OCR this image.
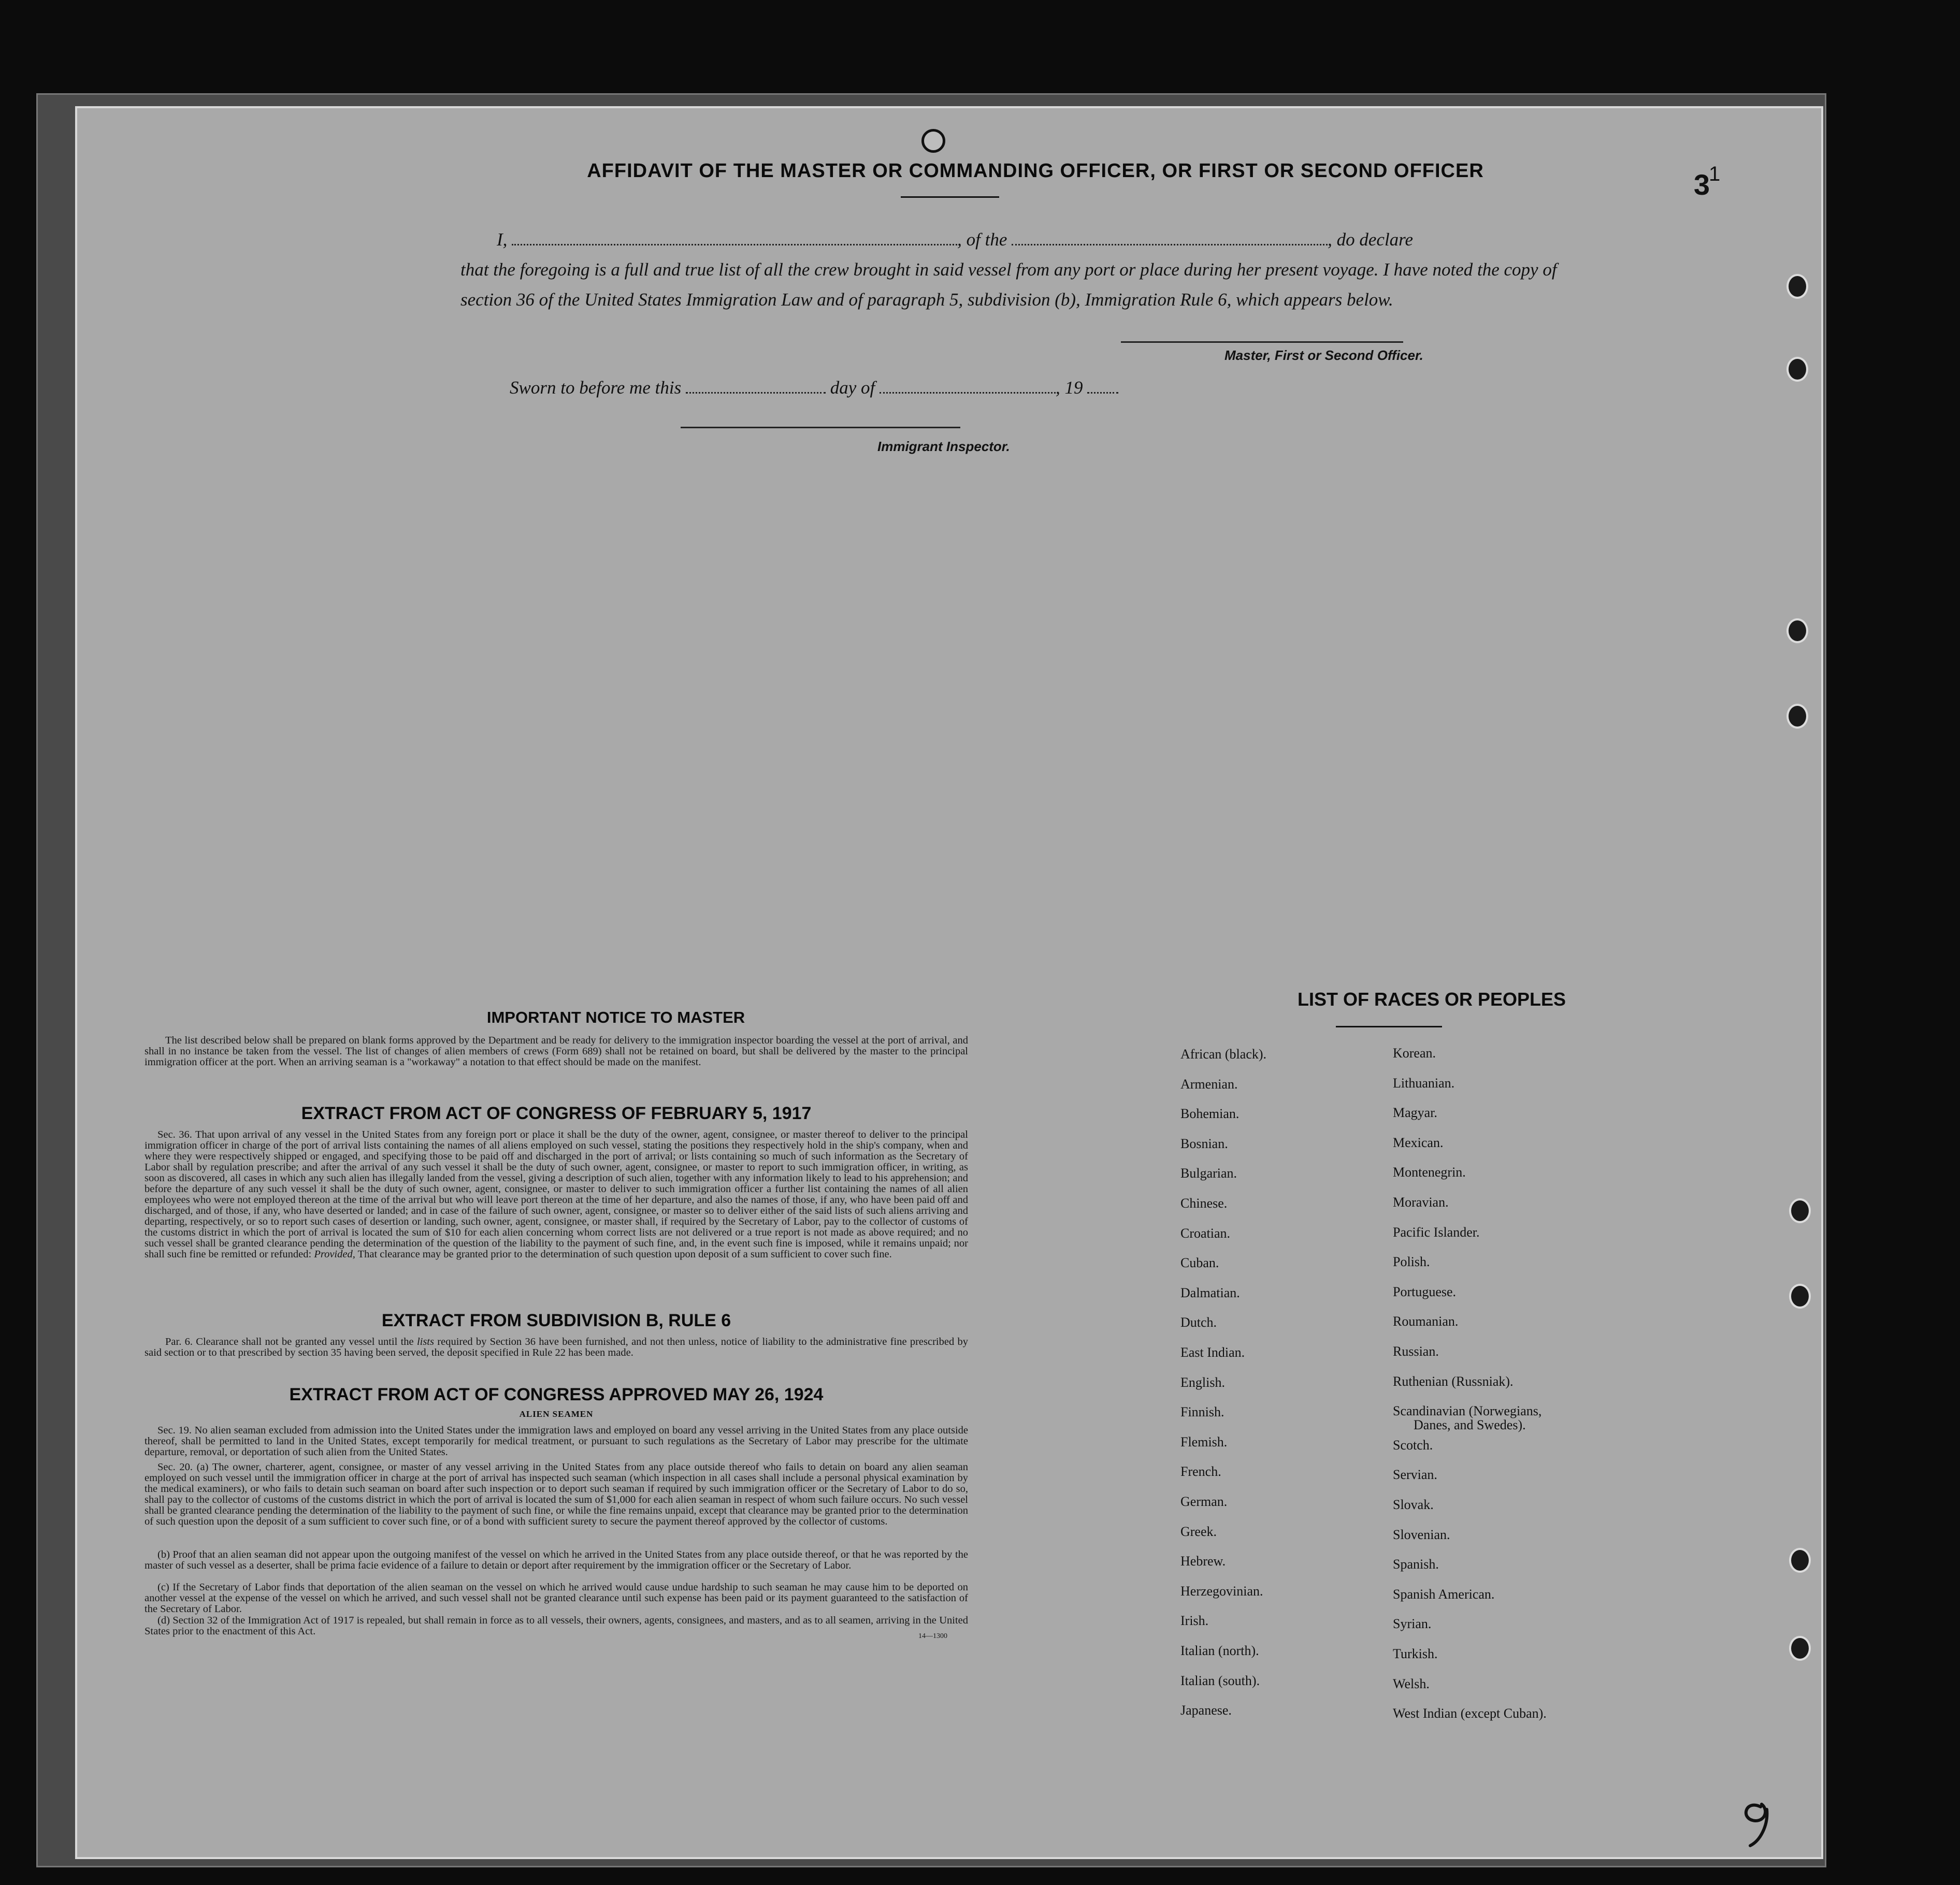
1
3
AFFIDAVIT OF THE MASTER OR COMMANDING OFFICER, OR FIRST OR SECOND OFFICER
I,	, of the	, do declare
that the foregoing is a full and true list of all the crew brought in said vessel from any port or place during her present voyage. I have noted the copy of section 36 of the United States Immigration Law and of paragraph 5, subdivision (b), Immigration Rule 6, which appears below.
Master, First or Second Officer.
Sworn to before me this	day of	, 19
Immigrant Inspector.
IMPORTANT NOTICE TO MASTER
The list described below shall be prepared on blank forms approved by the Department and be ready for delivery to the immigration inspector boarding the vessel at the port of arrival, and shall in no instance be taken from the vessel. The list of changes of alien members of crews (Form 689) shall not be retained on board, but shall be delivered by the master to the principal immigration officer at the port. When an arriving seaman is a "workaway" a notation to that effect should be made on the manifest.
EXTRACT FROM ACT OF CONGRESS OF FEBRUARY 5, 1917
Sec. 36. That upon arrival of any vessel in the United States from any foreign port or place it shall be the duty of the owner, agent, consignee, or master thereof to deliver to the principal immigration officer in charge of the port of arrival lists containing the names of all aliens employed on such vessel, stating the positions they respectively hold in the ship's company, when and where they were respectively shipped or engaged, and specifying those to be paid off and discharged in the port of arrival; or lists containing so much of such information as the Secretary of Labor shall by regulation prescribe; and after the arrival of any such vessel it shall be the duty of such owner, agent, consignee, or master to report to such immigration officer, in writing, as soon as discovered, all cases in which any such alien has illegally landed from the vessel, giving a description of such alien, together with any information likely to lead to his apprehension; and before the departure of any such vessel it shall be the duty of such owner, agent, consignee, or master to deliver to such immigration officer a further list containing the names of all alien employees who were not employed thereon at the time of the arrival but who will leave port thereon at the time of her departure, and also the names of those, if any, who have been paid off and discharged, and of those, if any, who have deserted or landed; and in case of the failure of such owner, agent, consignee, or master so to deliver either of the said lists of such aliens arriving and departing, respectively, or so to report such cases of desertion or landing, such owner, agent, consignee, or master shall, if required by the Secretary of Labor, pay to the collector of customs of the customs district in which the port of arrival is located the sum of $10 for each alien concerning whom correct lists are not delivered or a true report is not made as above required; and no such vessel shall be granted clearance pending the determination of the question of the liability to the payment of such fine, and, in the event such fine is imposed, while it remains unpaid; nor shall such fine be remitted or refunded: Provided, That clearance may be granted prior to the determination of such question upon deposit of a sum sufficient to cover such fine.
EXTRACT FROM SUBDIVISION B, RULE 6
Par. 6. Clearance shall not be granted any vessel until the lists required by Section 36 have been furnished, and not then unless, notice of liability to the administrative fine prescribed by said section or to that prescribed by section 35 having been served, the deposit specified in Rule 22 has been made.
EXTRACT FROM ACT OF CONGRESS APPROVED MAY 26, 1924
ALIEN SEAMEN
Sec. 19. No alien seaman excluded from admission into the United States under the immigration laws and employed on board any vessel arriving in the United States from any place outside thereof, shall be permitted to land in the United States, except temporarily for medical treatment, or pursuant to such regulations as the Secretary of Labor may prescribe for the ultimate departure, removal, or deportation of such alien from the United States.
Sec. 20. (a) The owner, charterer, agent, consignee, or master of any vessel arriving in the United States from any place outside thereof who fails to detain on board any alien seaman employed on such vessel until the immigration officer in charge at the port of arrival has inspected such seaman (which inspection in all cases shall include a personal physical examination by the medical examiners), or who fails to detain such seaman on board after such inspection or to deport such seaman if required by such immigration officer or the Secretary of Labor to do so, shall pay to the collector of customs of the customs district in which the port of arrival is located the sum of $1,000 for each alien seaman in respect of whom such failure occurs. No such vessel shall be granted clearance pending the determination of the liability to the payment of such fine, or while the fine remains unpaid, except that clearance may be granted prior to the determination of such question upon the deposit of a sum sufficient to cover such fine, or of a bond with sufficient surety to secure the payment thereof approved by the collector of customs.
(b) Proof that an alien seaman did not appear upon the outgoing manifest of the vessel on which he arrived in the United States from any place outside thereof, or that he was reported by the master of such vessel as a deserter, shall be prima facie evidence of a failure to detain or deport after requirement by the immigration officer or the Secretary of Labor.
(c) If the Secretary of Labor finds that deportation of the alien seaman on the vessel on which he arrived would cause undue hardship to such seaman he may cause him to be deported on another vessel at the expense of the vessel on which he arrived, and such vessel shall not be granted clearance until such expense has been paid or its payment guaranteed to the satisfaction of the Secretary of Labor.
(d) Section 32 of the Immigration Act of 1917 is repealed, but shall remain in force as to all vessels, their owners, agents, consignees, and masters, and as to all seamen, arriving in the United States prior to the enactment of this Act.	14—1300
LIST OF RACES OR PEOPLES
African (black).
Armenian.
Bohemian.
Bosnian.
Bulgarian.
Chinese.
Croatian.
Cuban.
Dalmatian.
Dutch.
East Indian.
English.
Finnish.
Flemish.
French.
German.
Greek.
Hebrew.
Herzegovinian.
Irish.
Italian (north).
Italian (south).
Japanese.
Korean.
Lithuanian.
Magyar.
Mexican.
Montenegrin.
Moravian.
Pacific Islander.
Polish.
Portuguese.
Roumanian.
Russian.
Ruthenian (Russniak).
Scandinavian (Norwegians,
Danes, and Swedes).
Scotch.
Servian.
Slovak.
Slovenian.
Spanish.
Spanish American.
Syrian.
Turkish.
Welsh.
West Indian (except Cuban).
